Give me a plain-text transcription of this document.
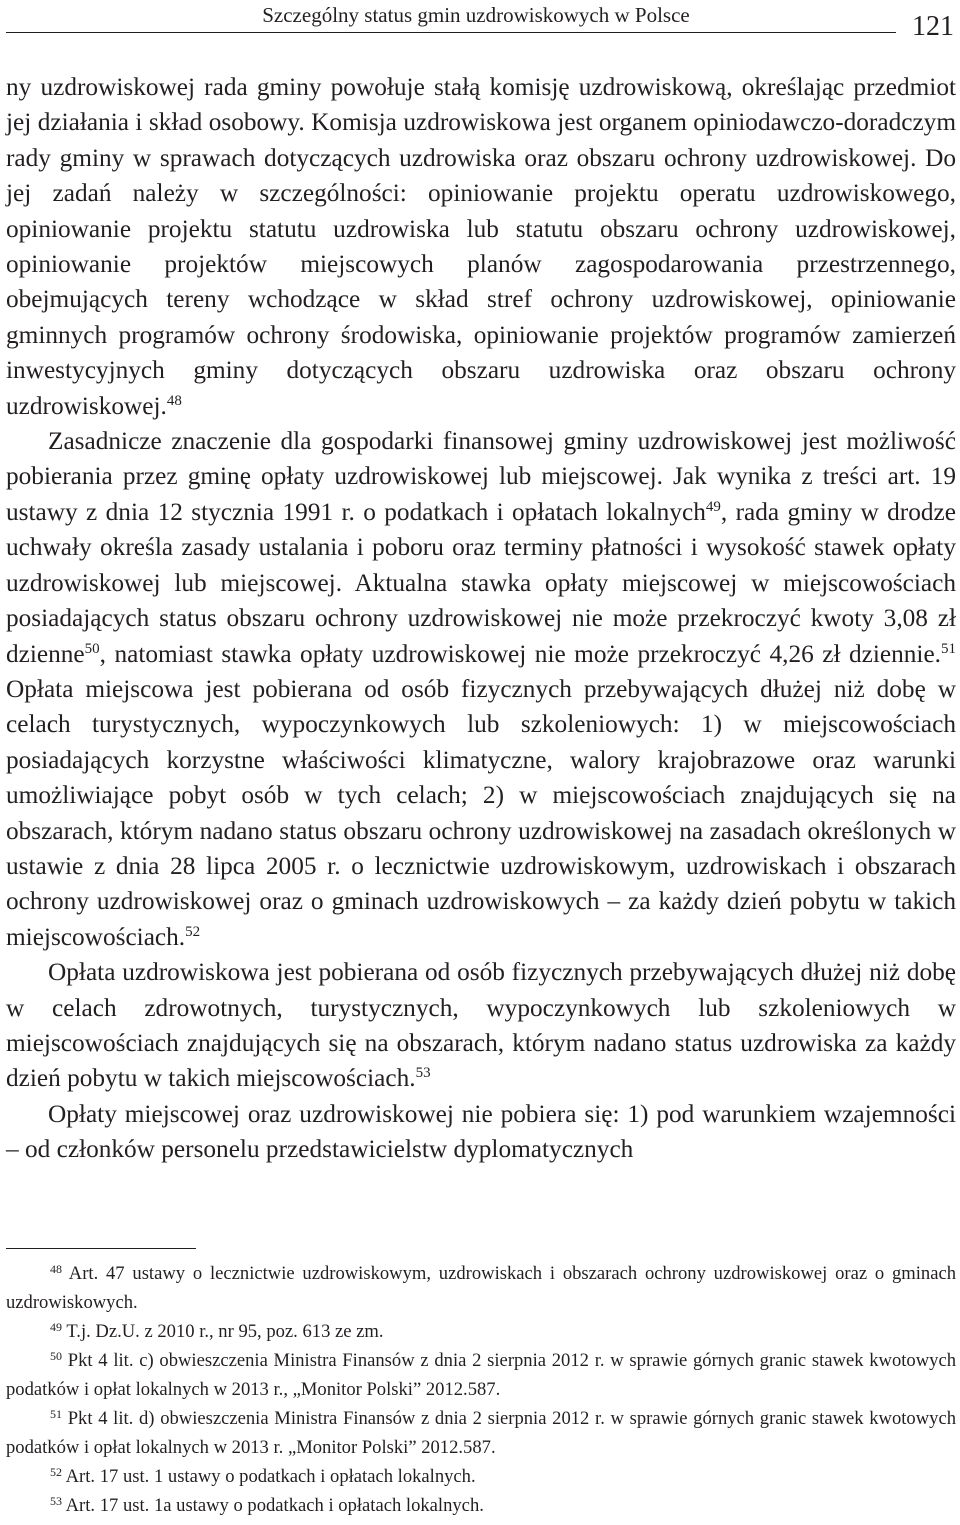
Szczególny status gmin uzdrowiskowych w Polsce	121

ny uzdrowiskowej rada gminy powołuje stałą komisję uzdrowiskową, określając przedmiot jej działania i skład osobowy. Komisja uzdrowiskowa jest organem opiniodawczo-doradczym rady gminy w sprawach dotyczących uzdrowiska oraz obszaru ochrony uzdrowiskowej. Do jej zadań należy w szczególności: opiniowanie projektu operatu uzdrowiskowego, opiniowanie projektu statutu uzdrowiska lub statutu obszaru ochrony uzdrowiskowej, opiniowanie projektów miejscowych planów zagospodarowania przestrzennego, obejmujących tereny wchodzące w skład stref ochrony uzdrowiskowej, opiniowanie gminnych programów ochrony środowiska, opiniowanie projektów programów zamierzeń inwestycyjnych gminy dotyczących obszaru uzdrowiska oraz obszaru ochrony uzdrowiskowej.$^{48}$

Zasadnicze znaczenie dla gospodarki finansowej gminy uzdrowiskowej jest możliwość pobierania przez gminę opłaty uzdrowiskowej lub miejscowej. Jak wynika z treści art. 19 ustawy z dnia 12 stycznia 1991 r. o podatkach i opłatach lokalnych$^{49}$, rada gminy w drodze uchwały określa zasady ustalania i poboru oraz terminy płatności i wysokość stawek opłaty uzdrowiskowej lub miejscowej. Aktualna stawka opłaty miejscowej w miejscowościach posiadających status obszaru ochrony uzdrowiskowej nie może przekroczyć kwoty 3,08 zł dzienne$^{50}$, natomiast stawka opłaty uzdrowiskowej nie może przekroczyć 4,26 zł dziennie.$^{51}$ Opłata miejscowa jest pobierana od osób fizycznych przebywających dłużej niż dobę w celach turystycznych, wypoczynkowych lub szkoleniowych: 1) w miejscowościach posiadających korzystne właściwości klimatyczne, walory krajobrazowe oraz warunki umożliwiające pobyt osób w tych celach; 2) w miejscowościach znajdujących się na obszarach, którym nadano status obszaru ochrony uzdrowiskowej na zasadach określonych w ustawie z dnia 28 lipca 2005 r. o lecznictwie uzdrowiskowym, uzdrowiskach i obszarach ochrony uzdrowiskowej oraz o gminach uzdrowiskowych – za każdy dzień pobytu w takich miejscowościach.$^{52}$

Opłata uzdrowiskowa jest pobierana od osób fizycznych przebywających dłużej niż dobę w celach zdrowotnych, turystycznych, wypoczynkowych lub szkoleniowych w miejscowościach znajdujących się na obszarach, którym nadano status uzdrowiska za każdy dzień pobytu w takich miejscowościach.$^{53}$

Opłaty miejscowej oraz uzdrowiskowej nie pobiera się: 1) pod warunkiem wzajemności – od członków personelu przedstawicielstw dyplomatycznych

$^{48}$ Art. 47 ustawy o lecznictwie uzdrowiskowym, uzdrowiskach i obszarach ochrony uzdrowiskowej oraz o gminach uzdrowiskowych.

$^{49}$ T.j. Dz.U. z 2010 r., nr 95, poz. 613 ze zm.

$^{50}$ Pkt 4 lit. c) obwieszczenia Ministra Finansów z dnia 2 sierpnia 2012 r. w sprawie górnych granic stawek kwotowych podatków i opłat lokalnych w 2013 r., „Monitor Polski” 2012.587.

$^{51}$ Pkt 4 lit. d) obwieszczenia Ministra Finansów z dnia 2 sierpnia 2012 r. w sprawie górnych granic stawek kwotowych podatków i opłat lokalnych w 2013 r. „Monitor Polski” 2012.587.

$^{52}$ Art. 17 ust. 1 ustawy o podatkach i opłatach lokalnych.

$^{53}$ Art. 17 ust. 1a ustawy o podatkach i opłatach lokalnych.
